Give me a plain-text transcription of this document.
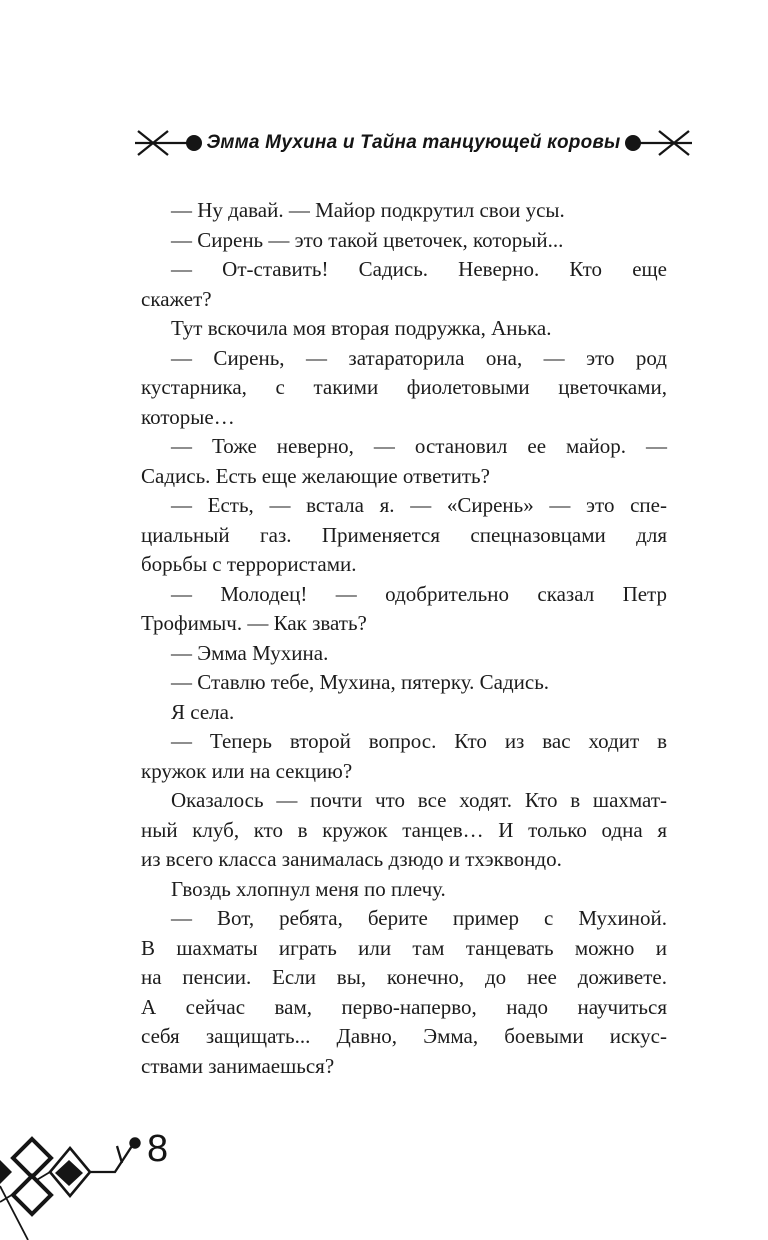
Эмма Мухина и Тайна танцующей коровы

— Ну давай. — Майор подкрутил свои усы.

— Сирень — это такой цветочек, который...

— От-ставить! Садись. Неверно. Кто еще
скажет?

Тут вскочила моя вторая подружка, Анька.

— Сирень, — затараторила она, — это род
кустарника, с такими фиолетовыми цветочками,
которые…

— Тоже неверно, — остановил ее майор. —
Садись. Есть еще желающие ответить?

— Есть, — встала я. — «Сирень» — это спе-
циальный газ. Применяется спецназовцами для
борьбы с террористами.

— Молодец! — одобрительно сказал Петр
Трофимыч. — Как звать?

— Эмма Мухина.

— Ставлю тебе, Мухина, пятерку. Садись.

Я села.

— Теперь второй вопрос. Кто из вас ходит в
кружок или на секцию?

Оказалось — почти что все ходят. Кто в шахмат-
ный клуб, кто в кружок танцев… И только одна я
из всего класса занималась дзюдо и тхэквондо.

Гвоздь хлопнул меня по плечу.

— Вот, ребята, берите пример с Мухиной.
В шахматы играть или там танцевать можно и
на пенсии. Если вы, конечно, до нее доживете.
А сейчас вам, перво-наперво, надо научиться
себя защищать... Давно, Эмма, боевыми искус-
ствами занимаешься?

8
